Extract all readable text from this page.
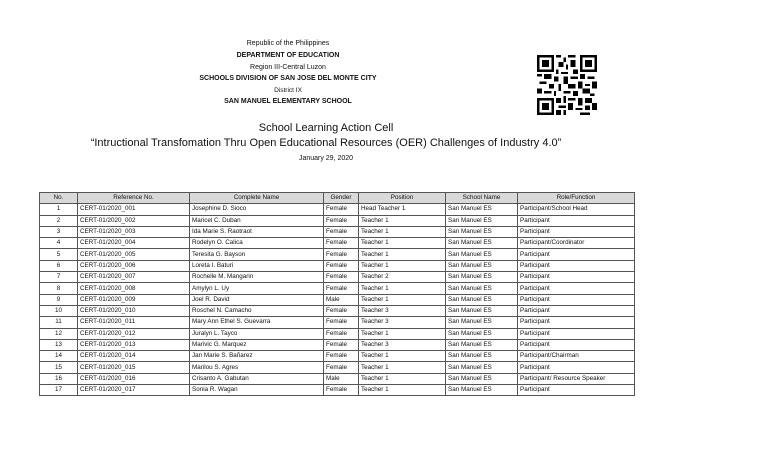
Republic of the Philippines
DEPARTMENT OF EDUCATION
Region III-Central Luzon
SCHOOLS DIVISION OF SAN JOSE DEL MONTE CITY
District IX
SAN MANUEL ELEMENTARY SCHOOL
School Learning Action Cell
“Intructional Transfomation Thru Open Educational Resources (OER) Challenges of Industry 4.0”
January 29, 2020
No.	Reference No.	Complete Name	Gender	Position	School Name	Role/Function
1	CERT-01/2020_001	Josephine D. Sioco	Female	Head Teacher 1	San Manuel ES	Participant/School Head
2	CERT-01/2020_002	Maricel C. Duban	Female	Teacher 1	San Manuel ES	Participant
3	CERT-01/2020_003	Ida Marie S. Raotraot	Female	Teacher 1	San Manuel ES	Participant
4	CERT-01/2020_004	Rodelyn O. Calica	Female	Teacher 1	San Manuel ES	Participant/Coordinator
5	CERT-01/2020_005	Teresita G. Bayson	Female	Teacher 1	San Manuel ES	Participant
6	CERT-01/2020_006	Loreta I. Baturi	Female	Teacher 1	San Manuel ES	Participant
7	CERT-01/2020_007	Rochelle M. Mangarin	Female	Teacher 2	San Manuel ES	Participant
8	CERT-01/2020_008	Amylyn L. Uy	Female	Teacher 1	San Manuel ES	Participant
9	CERT-01/2020_009	Joel R. David	Male	Teacher 1	San Manuel ES	Participant
10	CERT-01/2020_010	Roschel N. Camacho	Female	Teacher 3	San Manuel ES	Participant
11	CERT-01/2020_011	Mary Ann Ethel S. Guevarra	Female	Teacher 3	San Manuel ES	Participant
12	CERT-01/2020_012	Juralyn L. Tayco	Female	Teacher 1	San Manuel ES	Participant
13	CERT-01/2020_013	Marivic G. Marquez	Female	Teacher 3	San Manuel ES	Participant
14	CERT-01/2020_014	Jan Marie S. Bañarez	Female	Teacher 1	San Manuel ES	Participant/Chairman
15	CERT-01/2020_015	Marilou S. Agres	Female	Teacher 1	San Manuel ES	Participant
16	CERT-01/2020_016	Crisanto A. Gabutan	Male	Teacher 1	San Manuel ES	Participant/ Resource Speaker
17	CERT-01/2020_017	Sonia R. Wagan	Female	Teacher 1	San Manuel ES	Participant
